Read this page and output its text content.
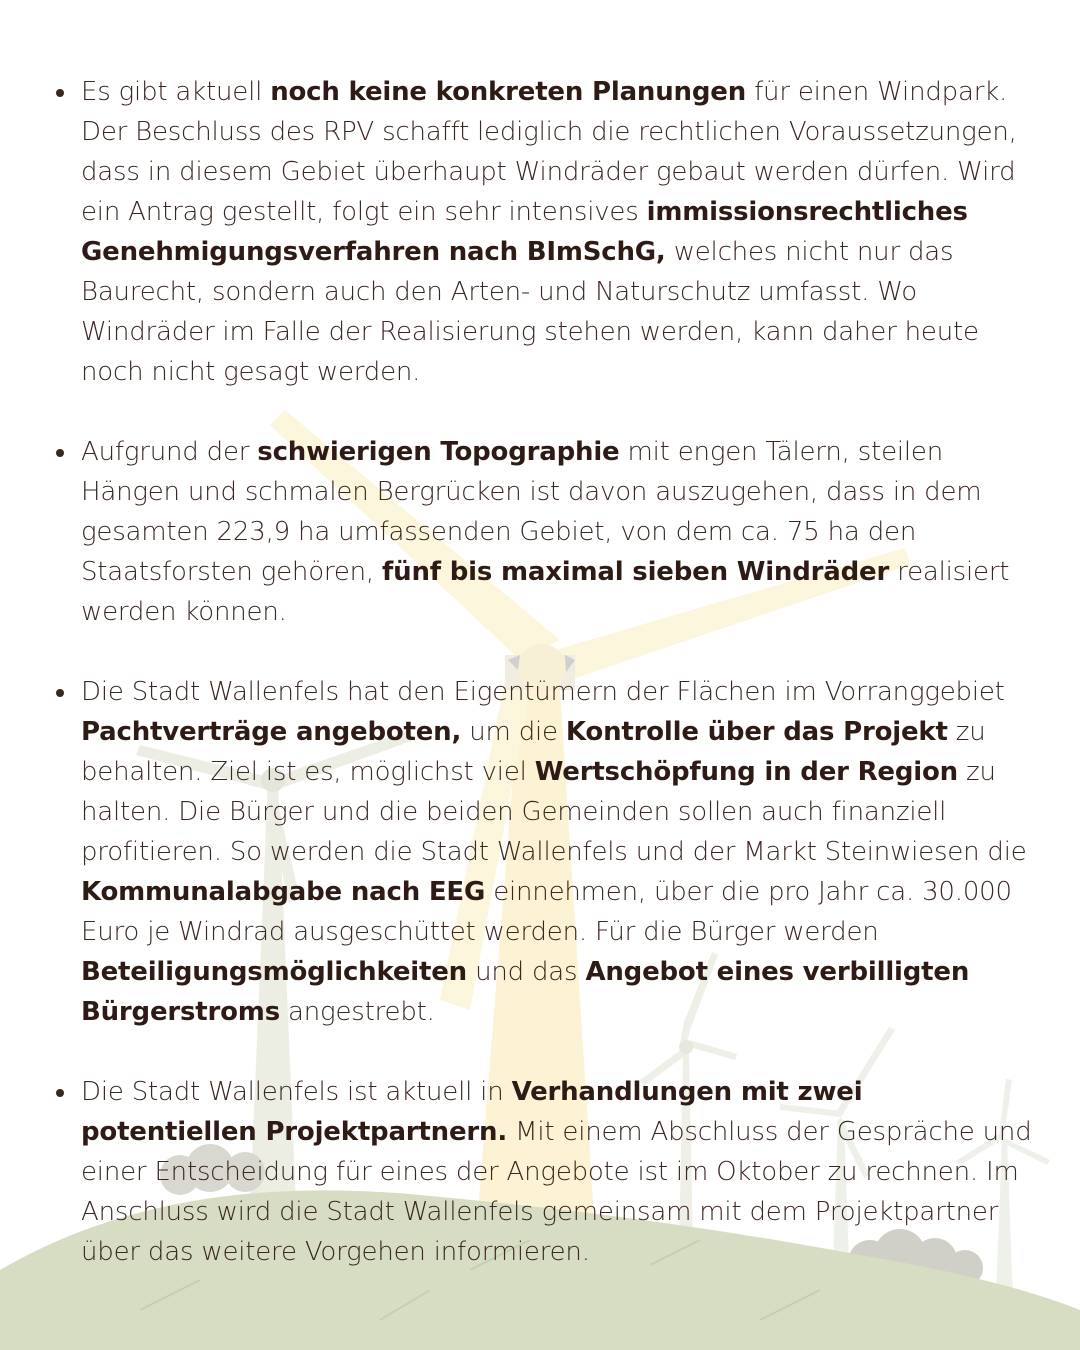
Es gibt aktuell noch keine konkreten Planungen für einen Windpark. Der Beschluss des RPV schafft lediglich die rechtlichen Voraussetzungen, dass in diesem Gebiet überhaupt Windräder gebaut werden dürfen. Wird ein Antrag gestellt, folgt ein sehr intensives immissionsrechtliches Genehmigungsverfahren nach BImSchG, welches nicht nur das Baurecht, sondern auch den Arten- und Naturschutz umfasst. Wo Windräder im Falle der Realisierung stehen werden, kann daher heute noch nicht gesagt werden.

Aufgrund der schwierigen Topographie mit engen Tälern, steilen Hängen und schmalen Bergrücken ist davon auszugehen, dass in dem gesamten 223,9 ha umfassenden Gebiet, von dem ca. 75 ha den Staatsforsten gehören, fünf bis maximal sieben Windräder realisiert werden können.

Die Stadt Wallenfels hat den Eigentümern der Flächen im Vorranggebiet Pachtverträge angeboten, um die Kontrolle über das Projekt zu behalten. Ziel ist es, möglichst viel Wertschöpfung in der Region zu halten. Die Bürger und die beiden Gemeinden sollen auch finanziell profitieren. So werden die Stadt Wallenfels und der Markt Steinwiesen die Kommunalabgabe nach EEG einnehmen, über die pro Jahr ca. 30.000 Euro je Windrad ausgeschüttet werden. Für die Bürger werden Beteiligungsmöglichkeiten und das Angebot eines verbilligten Bürgerstroms angestrebt.

Die Stadt Wallenfels ist aktuell in Verhandlungen mit zwei potentiellen Projektpartnern. Mit einem Abschluss der Gespräche und einer Entscheidung für eines der Angebote ist im Oktober zu rechnen. Im Anschluss wird die Stadt Wallenfels gemeinsam mit dem Projektpartner über das weitere Vorgehen informieren.
